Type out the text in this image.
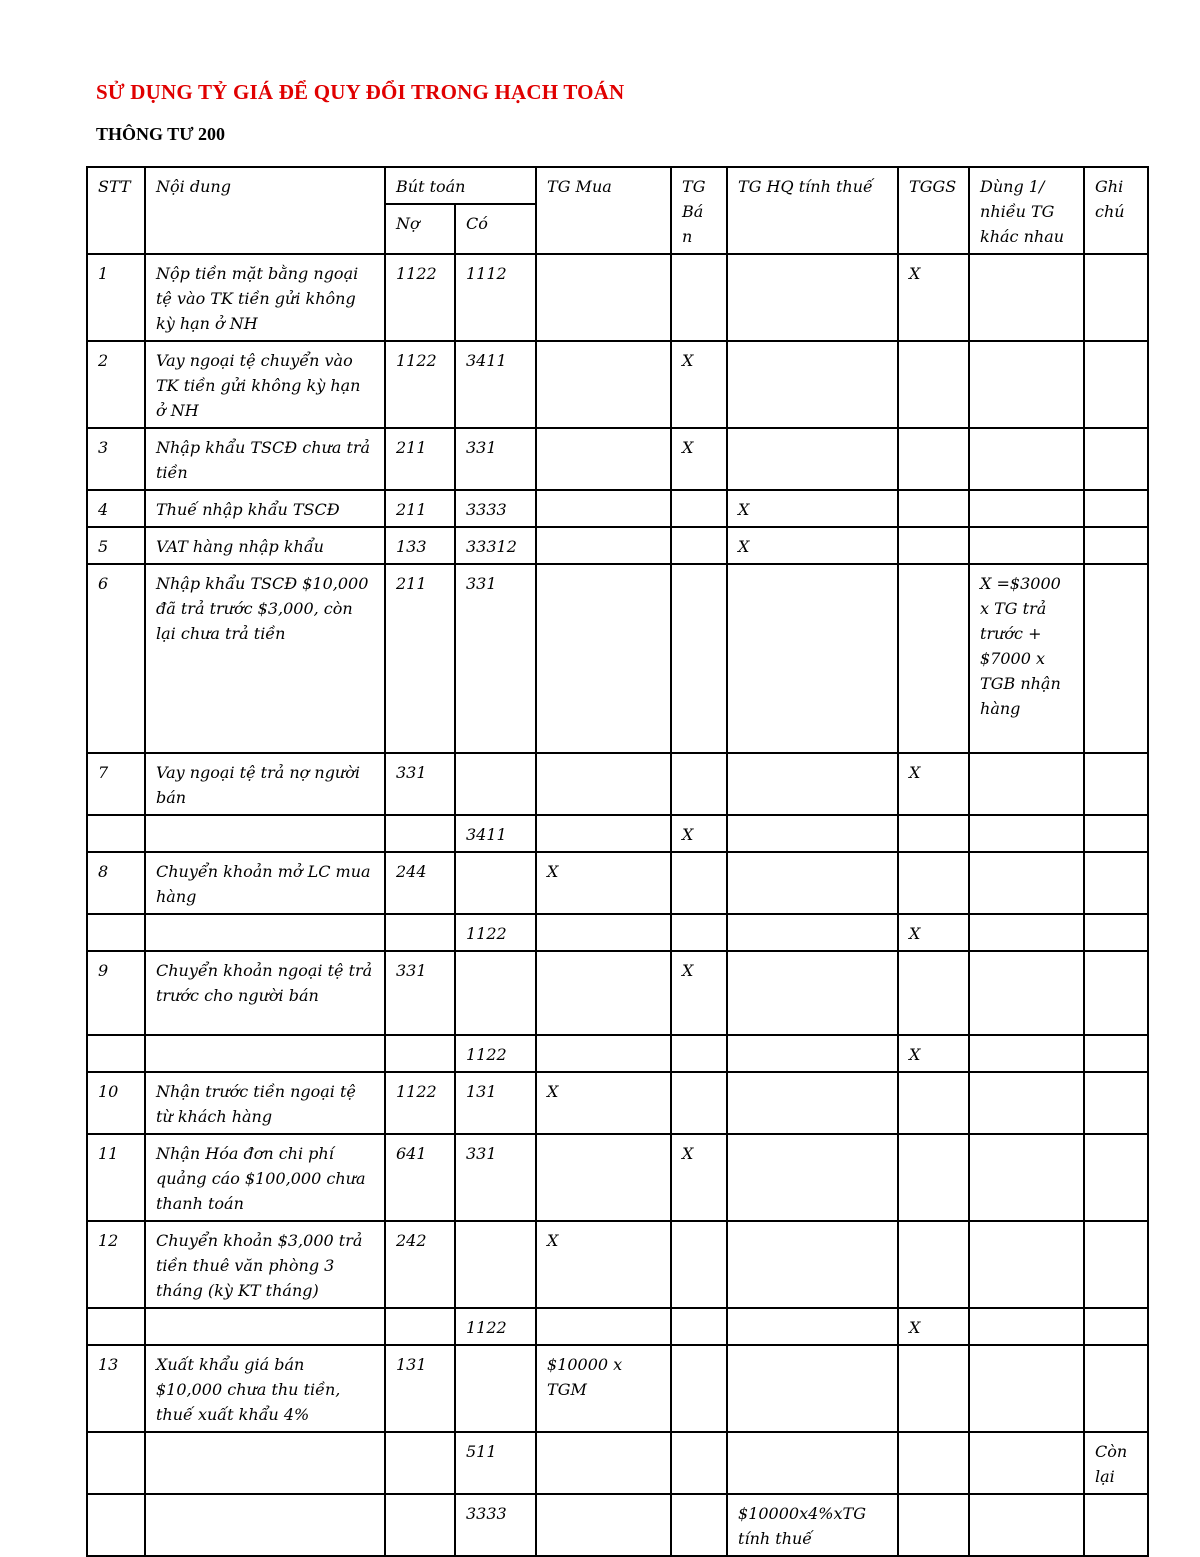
SỬ DỤNG TỶ GIÁ ĐỂ QUY ĐỔI TRONG HẠCH TOÁN
THÔNG TƯ 200
STT	Nội dung	Bút toán		TG Mua	TG Bá n	TG HQ tính thuế	TGGS	Dùng 1/ nhiều TG khác nhau	Ghi chú
		Nợ	Có						
1	Nộp tiền mặt bằng ngoại tệ vào TK tiền gửi không kỳ hạn ở NH	1122	1112				X		
2	Vay ngoại tệ chuyển vào TK tiền gửi không kỳ hạn ở NH	1122	3411		X				
3	Nhập khẩu TSCĐ chưa trả tiền	211	331		X				
4	Thuế nhập khẩu TSCĐ	211	3333			X			
5	VAT hàng nhập khẩu	133	33312			X			
6	Nhập khẩu TSCĐ $10,000 đã trả trước $3,000, còn lại chưa trả tiền	211	331					X =$3000 x TG trả trước + $7000 x TGB nhận hàng	
7	Vay ngoại tệ trả nợ người bán	331					X		
			3411		X				
8	Chuyển khoản mở LC mua hàng	244		X					
			1122				X		
9	Chuyển khoản ngoại tệ trả trước cho người bán	331			X				
			1122				X		
10	Nhận trước tiền ngoại tệ từ khách hàng	1122	131	X					
11	Nhận Hóa đơn chi phí quảng cáo $100,000 chưa thanh toán	641	331		X				
12	Chuyển khoản $3,000 trả tiền thuê văn phòng 3 tháng (kỳ KT tháng)	242		X					
			1122				X		
13	Xuất khẩu giá bán $10,000 chưa thu tiền, thuế xuất khẩu 4%	131		$10000 x TGM					
			511						Còn lại
			3333			$10000x4%xTG tính thuế			
